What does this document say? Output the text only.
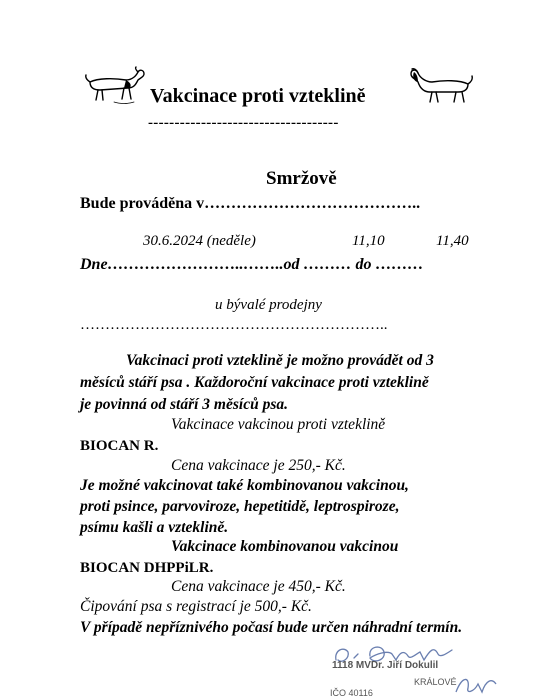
Vakcinace proti vzteklině
------------------------------------
Smržově
Bude prováděna v…………………………………..
30.6.2024 (neděle)	11,10	11,40
Dne……………………..……..od ……… do ………
u bývalé prodejny
……………………………………………………..
Vakcinaci proti vzteklině je možno provádět od 3
měsíců stáří psa . Každoroční vakcinace proti vzteklině
je povinná od stáří 3 měsíců psa.
Vakcinace vakcinou proti vzteklině
BIOCAN R.
Cena vakcinace je 250,- Kč.
Je možné vakcinovat také kombinovanou vakcinou,
proti psince, parvoviroze, hepetitidě, leptrospiroze,
psímu kašli a vzteklině.
Vakcinace kombinovanou vakcinou
BIOCAN DHPPiLR.
Cena vakcinace je 450,- Kč.
Čipování psa s registrací je 500,- Kč.
V případě nepříznivého počasí bude určen náhradní termín.
1118 MVDr. Jiří Dokulil
KRÁLOVÉ
IČO 40116
